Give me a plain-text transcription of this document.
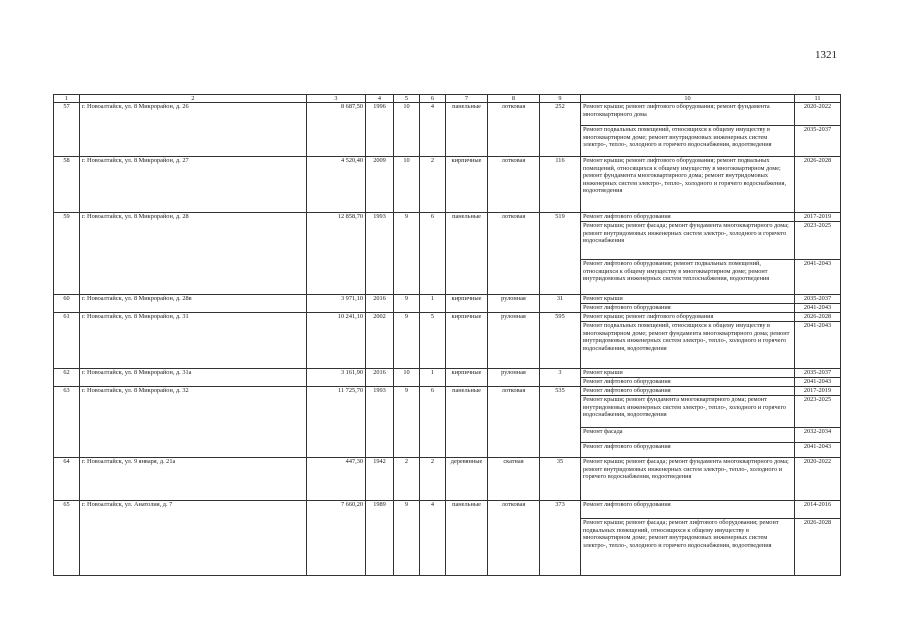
1321
1	2	3	4	5	6	7	8	9	10	11
57	г. Новоалтайск, ул. 8 Микрорайон, д. 26	8 687,50	1996	10	4	панельные	лотковая	252	Ремонт крыши; ремонт лифтового оборудования; ремонт фундамента многоквартирного дома	2020-2022
									Ремонт подвальных помещений, относящихся к общему имуществу в многоквартирном доме; ремонт внутридомовых инженерных систем электро-, тепло-, холодного и горячего водоснабжения, водоотведения	2035-2037
58	г. Новоалтайск, ул. 8 Микрорайон, д. 27	4 520,40	2009	10	2	кирпичные	лотковая	116	Ремонт крыши; ремонт лифтового оборудования; ремонт подвальных помещений, относящихся к общему имуществу в многоквартирном доме; ремонт фундамента многоквартирного дома; ремонт внутридомовых инженерных систем электро-, тепло-, холодного и горячего водоснабжения, водоотведения	2026-2028
59	г. Новоалтайск, ул. 8 Микрорайон, д. 28	12 858,70	1993	9	6	панельные	лотковая	519	Ремонт лифтового оборудования	2017-2019
									Ремонт крыши; ремонт фасада; ремонт фундамента многоквартирного дома; ремонт внутридомовых инженерных систем электро-, холодного и горячего водоснабжения	2023-2025
									Ремонт лифтового оборудования; ремонт подвальных помещений, относящихся к общему имуществу в многоквартирном доме; ремонт внутридомовых инженерных систем теплоснабжения, водоотведения	2041-2043
60	г. Новоалтайск, ул. 8 Микрорайон, д. 28в	3 971,10	2016	9	1	кирпичные	рулонная	31	Ремонт крыши	2035-2037
									Ремонт лифтового оборудования	2041-2043
61	г. Новоалтайск, ул. 8 Микрорайон, д. 31	10 241,10	2002	9	5	кирпичные	рулонная	595	Ремонт крыши; ремонт лифтового оборудования	2026-2028
									Ремонт подвальных помещений, относящихся к общему имуществу в многоквартирном доме; ремонт фундамента многоквартирного дома; ремонт внутридомовых инженерных систем электро-, тепло-, холодного и горячего водоснабжения, водоотведения	2041-2043
62	г. Новоалтайск, ул. 8 Микрорайон, д. 31а	3 161,90	2016	10	1	кирпичные	рулонная	3	Ремонт крыши	2035-2037
									Ремонт лифтового оборудования	2041-2043
63	г. Новоалтайск, ул. 8 Микрорайон, д. 32	11 725,70	1993	9	6	панельные	лотковая	535	Ремонт лифтового оборудования	2017-2019
									Ремонт крыши; ремонт фундамента многоквартирного дома; ремонт внутридомовых инженерных систем электро-, тепло-, холодного и горячего водоснабжения, водоотведения	2023-2025
									Ремонт фасада	2032-2034
									Ремонт лифтового оборудования	2041-2043
64	г. Новоалтайск, ул. 9 января, д. 21а	447,30	1942	2	2	деревянные	скатная	35	Ремонт крыши; ремонт фасада; ремонт фундамента многоквартирного дома; ремонт внутридомовых инженерных систем электро-, тепло-, холодного и горячего водоснабжения, водоотведения	2020-2022
65	г. Новоалтайск, ул. Анатолия, д. 7	7 660,20	1989	9	4	панельные	лотковая	373	Ремонт лифтового оборудования	2014-2016
									Ремонт крыши; ремонт фасада; ремонт лифтового оборудования; ремонт подвальных помещений, относящихся к общему имуществу в многоквартирном доме; ремонт внутридомовых инженерных систем электро-, тепло-, холодного и горячего водоснабжения, водоотведения	2026-2028
